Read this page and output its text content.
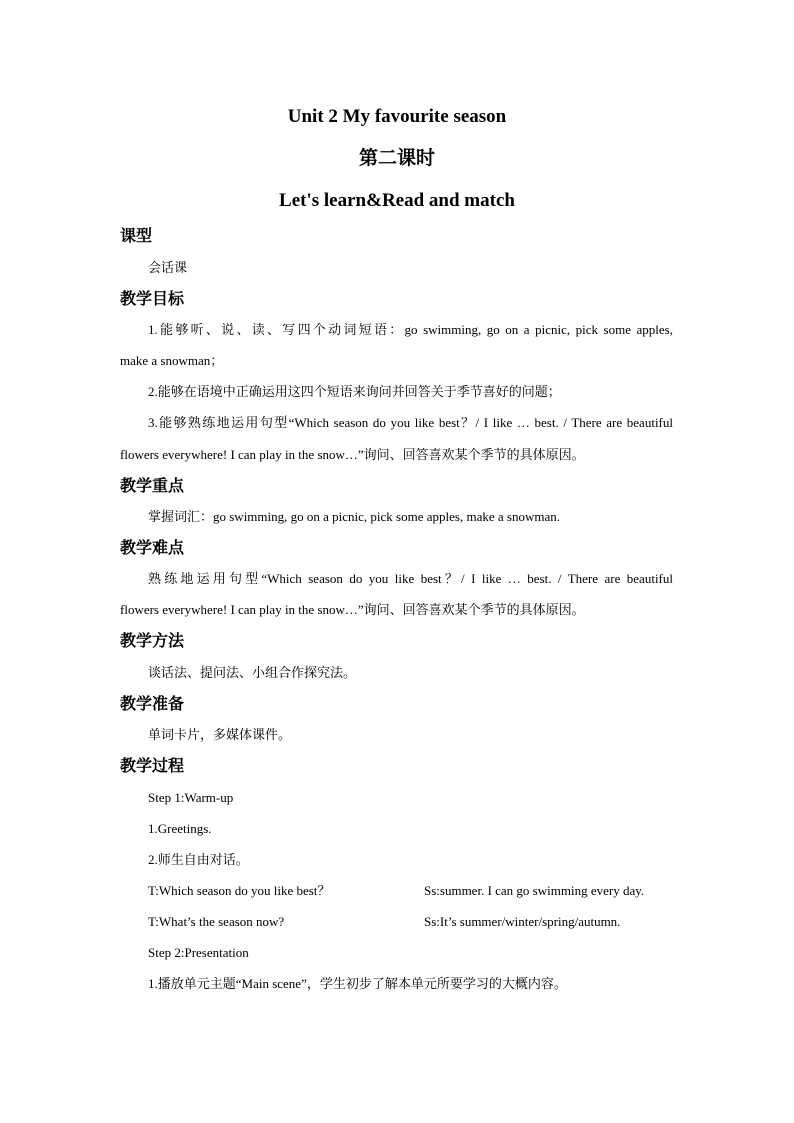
Unit 2 My favourite season
第二课时
Let's learn&Read and match
课型
会话课
教学目标
1.能够听、说、读、写四个动词短语：go swimming, go on a picnic, pick some apples,
make a snowman；
2.能够在语境中正确运用这四个短语来询问并回答关于季节喜好的问题；
3.能够熟练地运用句型“Which season do you like best？/ I like … best. / There are beautiful
flowers everywhere! I can play in the snow…”询问、回答喜欢某个季节的具体原因。
教学重点
掌握词汇：go swimming, go on a picnic, pick some apples, make a snowman.
教学难点
熟练地运用句型“Which season do you like best？/ I like … best. / There are beautiful
flowers everywhere! I can play in the snow…”询问、回答喜欢某个季节的具体原因。
教学方法
谈话法、提问法、小组合作探究法。
教学准备
单词卡片，多媒体课件。
教学过程
Step 1:Warm-up
1.Greetings.
2.师生自由对话。
T:Which season do you like best？	Ss:summer. I can go swimming every day.
T:What’s the season now?	Ss:It’s summer/winter/spring/autumn.
Step 2:Presentation
1.播放单元主题“Main scene”，学生初步了解本单元所要学习的大概内容。
